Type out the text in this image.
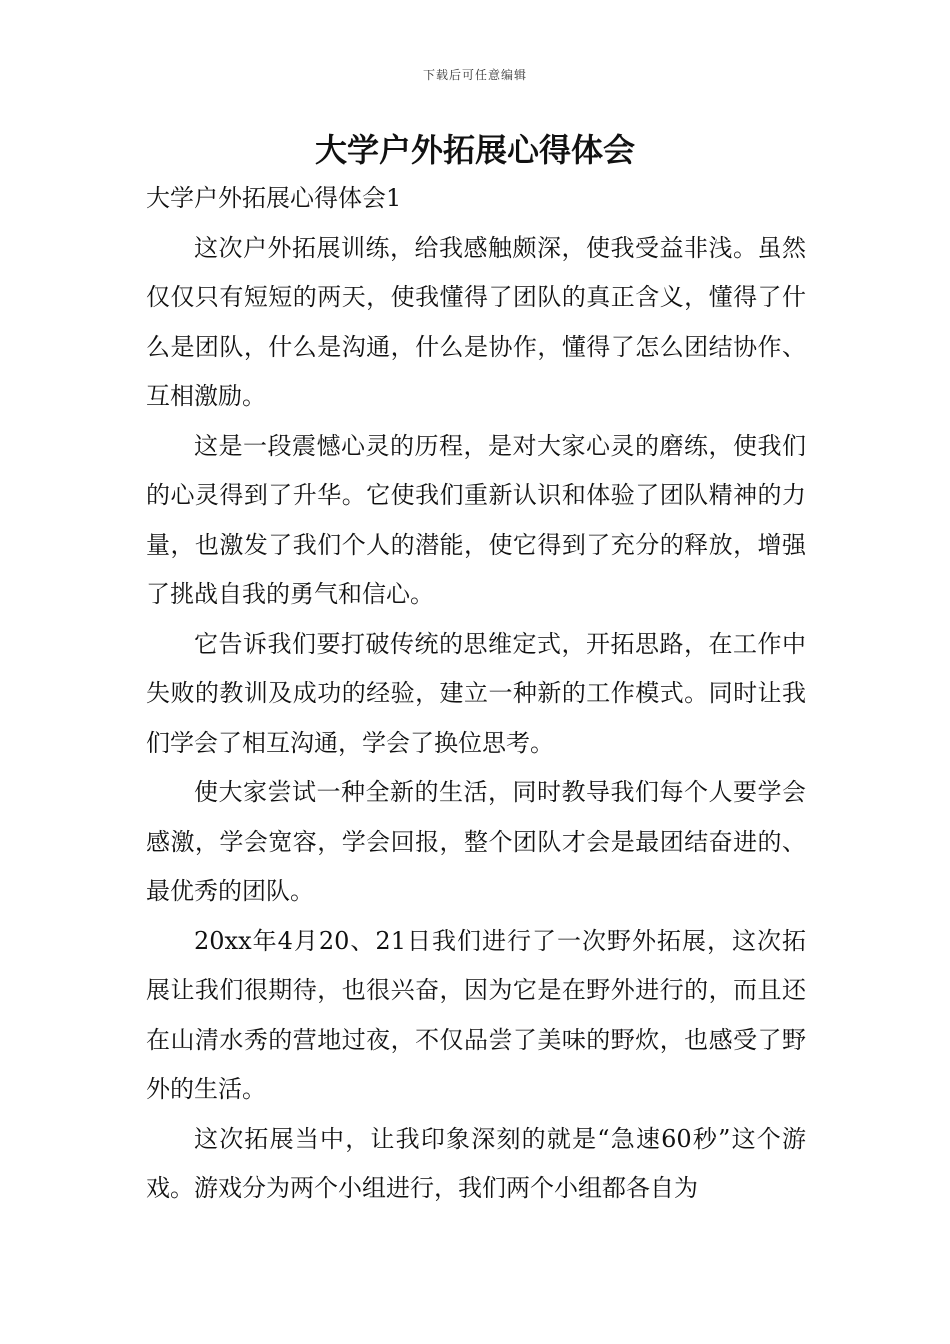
下载后可任意编辑
大学户外拓展心得体会

大学户外拓展心得体会1

这次户外拓展训练，给我感触颇深，使我受益非浅。虽然仅仅只有短短的两天，使我懂得了团队的真正含义，懂得了什么是团队，什么是沟通，什么是协作，懂得了怎么团结协作、互相激励。

这是一段震憾心灵的历程，是对大家心灵的磨练，使我们的心灵得到了升华。它使我们重新认识和体验了团队精神的力量，也激发了我们个人的潜能，使它得到了充分的释放，增强了挑战自我的勇气和信心。

它告诉我们要打破传统的思维定式，开拓思路，在工作中失败的教训及成功的经验，建立一种新的工作模式。同时让我们学会了相互沟通，学会了换位思考。

使大家尝试一种全新的生活，同时教导我们每个人要学会感激，学会宽容，学会回报，整个团队才会是最团结奋进的、最优秀的团队。

20xx年4月20、21日我们进行了一次野外拓展，这次拓展让我们很期待，也很兴奋，因为它是在野外进行的，而且还在山清水秀的营地过夜，不仅品尝了美味的野炊，也感受了野外的生活。

这次拓展当中，让我印象深刻的就是“急速60秒”这个游戏。游戏分为两个小组进行，我们两个小组都各自为
